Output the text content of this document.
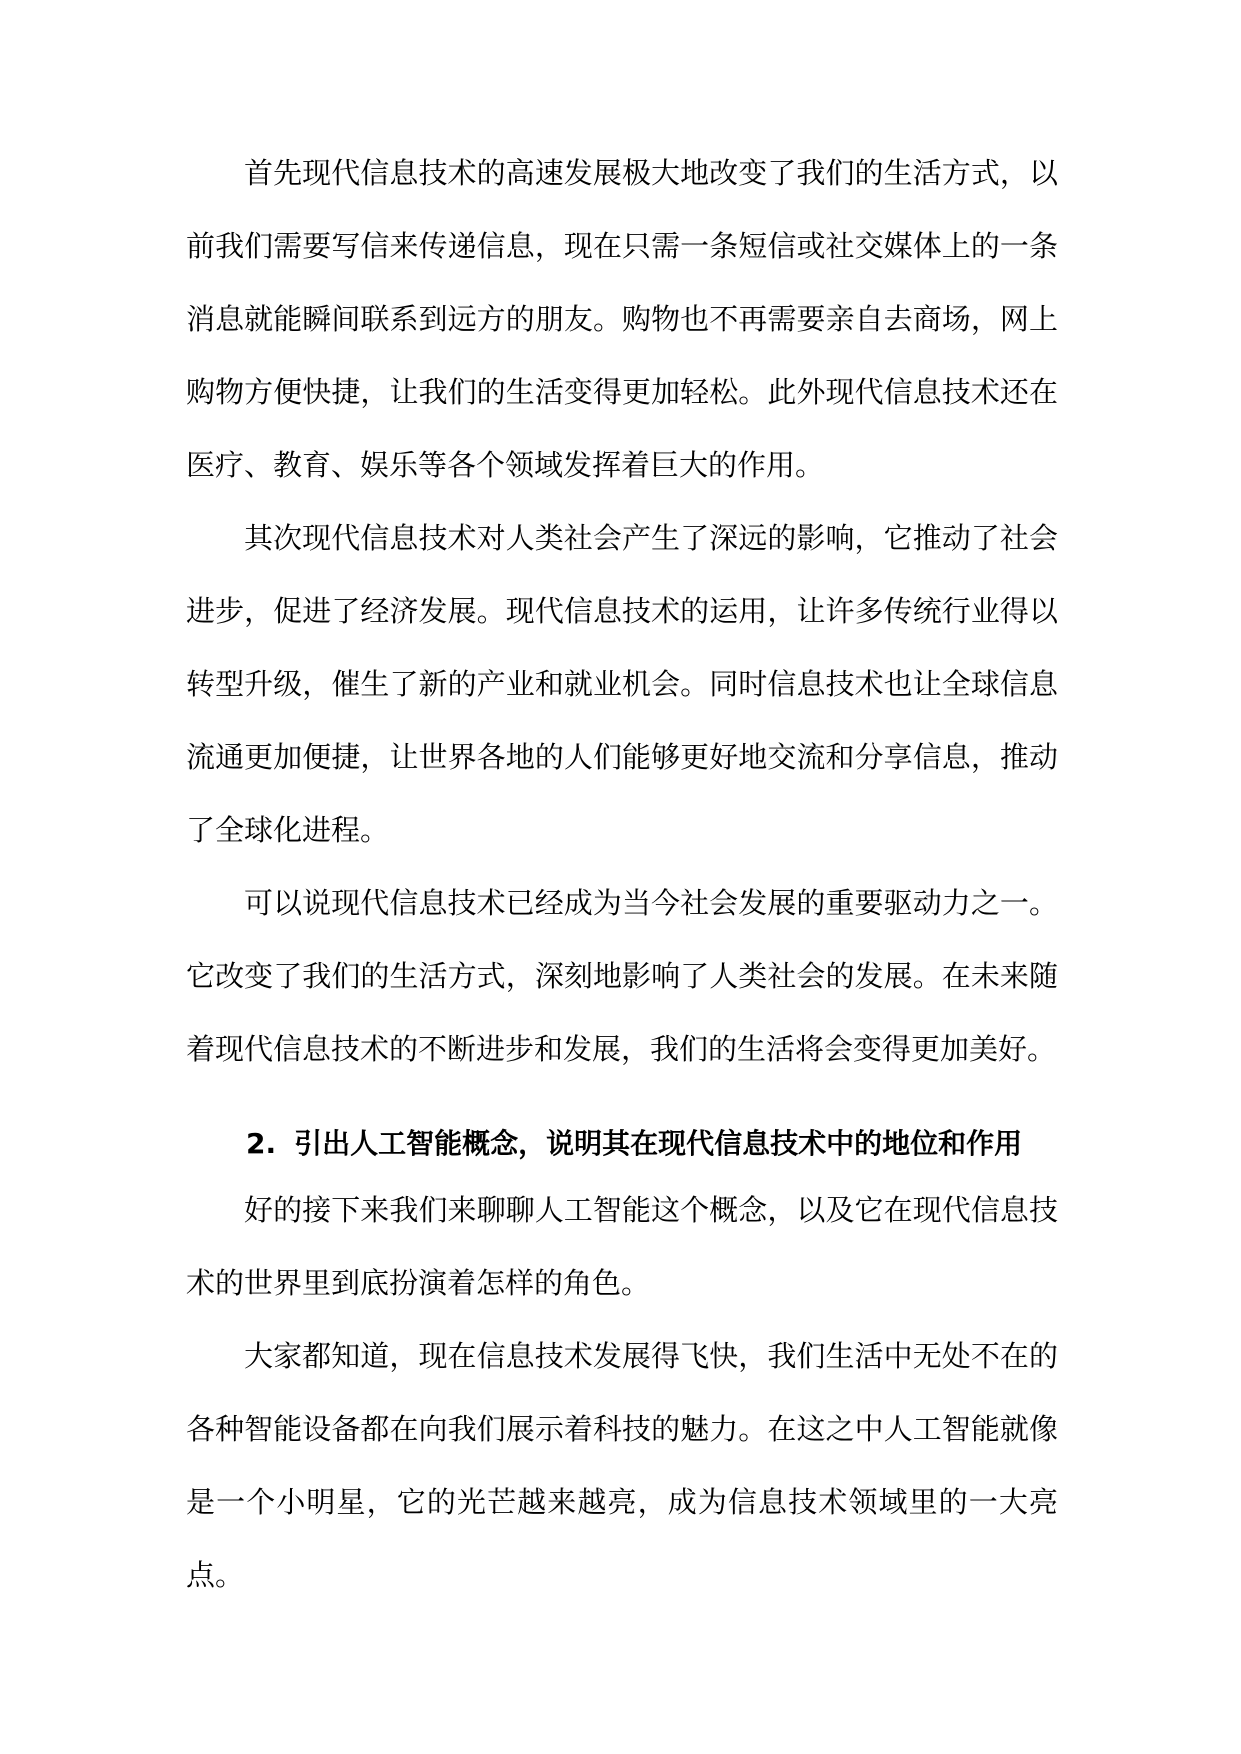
首先现代信息技术的高速发展极大地改变了我们的生活方式，以前我们需要写信来传递信息，现在只需一条短信或社交媒体上的一条消息就能瞬间联系到远方的朋友。购物也不再需要亲自去商场，网上购物方便快捷，让我们的生活变得更加轻松。此外现代信息技术还在医疗、教育、娱乐等各个领域发挥着巨大的作用。

其次现代信息技术对人类社会产生了深远的影响，它推动了社会进步，促进了经济发展。现代信息技术的运用，让许多传统行业得以转型升级，催生了新的产业和就业机会。同时信息技术也让全球信息流通更加便捷，让世界各地的人们能够更好地交流和分享信息，推动了全球化进程。

可以说现代信息技术已经成为当今社会发展的重要驱动力之一。它改变了我们的生活方式，深刻地影响了人类社会的发展。在未来随着现代信息技术的不断进步和发展，我们的生活将会变得更加美好。

2. 引出人工智能概念，说明其在现代信息技术中的地位和作用

好的接下来我们来聊聊人工智能这个概念，以及它在现代信息技术的世界里到底扮演着怎样的角色。

大家都知道，现在信息技术发展得飞快，我们生活中无处不在的各种智能设备都在向我们展示着科技的魅力。在这之中人工智能就像是一个小明星，它的光芒越来越亮，成为信息技术领域里的一大亮点。
